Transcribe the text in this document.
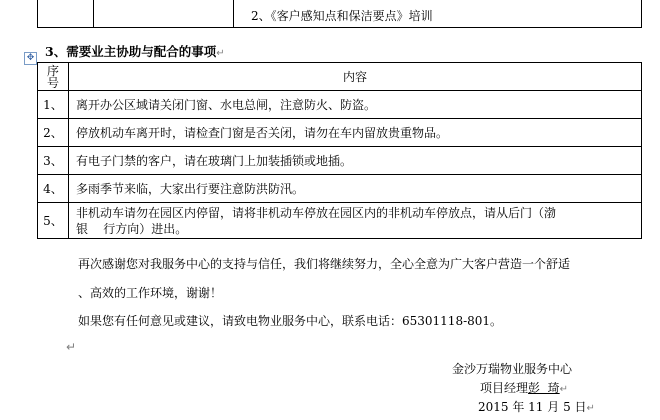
2、《客户感知点和保洁要点》培训
✥ 3、需要业主协助与配合的事项↵
序
号	内容
1、	离开办公区域请关闭门窗、水电总闸，注意防火、防盗。
2、	停放机动车离开时，请检查门窗是否关闭，请勿在车内留放贵重物品。
3、	有电子门禁的客户，请在玻璃门上加装插锁或地插。
4、	多雨季节来临，大家出行要注意防洪防汛。
5、	非机动车请勿在园区内停留，请将非机动车停放在园区内的非机动车停放点，请从后门（渤
银    行方向）进出。
再次感谢您对我服务中心的支持与信任，我们将继续努力，全心全意为广大客户营造一个舒适
、高效的工作环境，谢谢！
如果您有任何意见或建议，请致电物业服务中心，联系电话：65301118-801。
↵
金沙万瑞物业服务中心
项目经理彭  琦↵
2015 年 11 月 5 日↵
